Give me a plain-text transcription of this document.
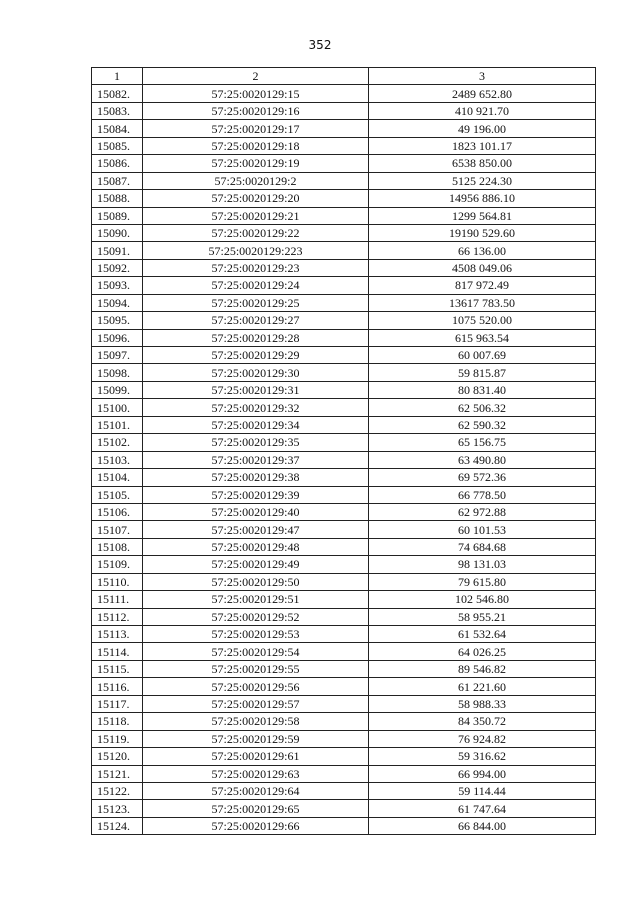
352
1	2	3
15082.	57:25:0020129:15	2489 652.80
15083.	57:25:0020129:16	410 921.70
15084.	57:25:0020129:17	49 196.00
15085.	57:25:0020129:18	1823 101.17
15086.	57:25:0020129:19	6538 850.00
15087.	57:25:0020129:2	5125 224.30
15088.	57:25:0020129:20	14956 886.10
15089.	57:25:0020129:21	1299 564.81
15090.	57:25:0020129:22	19190 529.60
15091.	57:25:0020129:223	66 136.00
15092.	57:25:0020129:23	4508 049.06
15093.	57:25:0020129:24	817 972.49
15094.	57:25:0020129:25	13617 783.50
15095.	57:25:0020129:27	1075 520.00
15096.	57:25:0020129:28	615 963.54
15097.	57:25:0020129:29	60 007.69
15098.	57:25:0020129:30	59 815.87
15099.	57:25:0020129:31	80 831.40
15100.	57:25:0020129:32	62 506.32
15101.	57:25:0020129:34	62 590.32
15102.	57:25:0020129:35	65 156.75
15103.	57:25:0020129:37	63 490.80
15104.	57:25:0020129:38	69 572.36
15105.	57:25:0020129:39	66 778.50
15106.	57:25:0020129:40	62 972.88
15107.	57:25:0020129:47	60 101.53
15108.	57:25:0020129:48	74 684.68
15109.	57:25:0020129:49	98 131.03
15110.	57:25:0020129:50	79 615.80
15111.	57:25:0020129:51	102 546.80
15112.	57:25:0020129:52	58 955.21
15113.	57:25:0020129:53	61 532.64
15114.	57:25:0020129:54	64 026.25
15115.	57:25:0020129:55	89 546.82
15116.	57:25:0020129:56	61 221.60
15117.	57:25:0020129:57	58 988.33
15118.	57:25:0020129:58	84 350.72
15119.	57:25:0020129:59	76 924.82
15120.	57:25:0020129:61	59 316.62
15121.	57:25:0020129:63	66 994.00
15122.	57:25:0020129:64	59 114.44
15123.	57:25:0020129:65	61 747.64
15124.	57:25:0020129:66	66 844.00
